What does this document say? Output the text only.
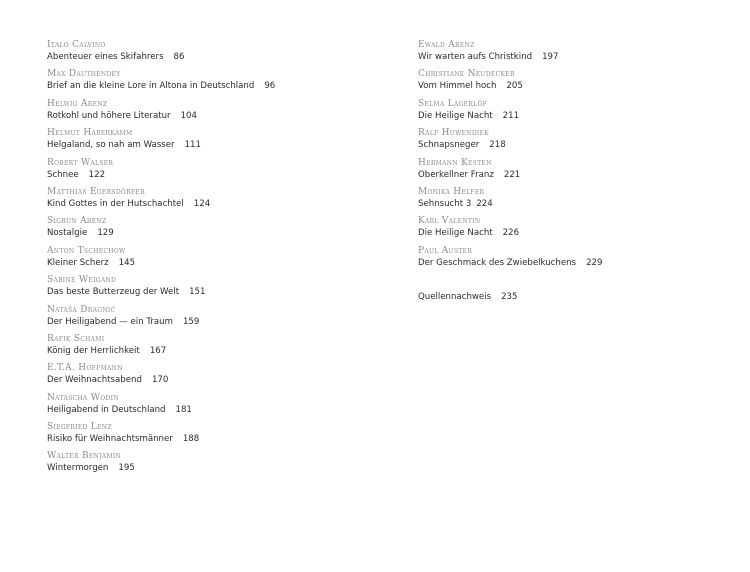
Italo Calvino
Abenteuer eines Skifahrers 86
Max Dauthendey
Brief an die kleine Lore in Altona in Deutschland 96
Helwig Arenz
Rotkohl und höhere Literatur 104
Helmut Haberkamm
Helgaland, so nah am Wasser 111
Robert Walser
Schnee 122
Matthias Egersdörfer
Kind Gottes in der Hutschachtel 124
Sigrun Arenz
Nostalgie 129
Anton Tschechow
Kleiner Scherz 145
Sabine Weigand
Das beste Butterzeug der Welt 151
Nataša Dragnić
Der Heiligabend — ein Traum 159
Rafik Schami
König der Herrlichkeit 167
E.T.A. Hoffmann
Der Weihnachtsabend 170
Natascha Wodin
Heiligabend in Deutschland 181
Siegfried Lenz
Risiko für Weihnachtsmänner 188
Walter Benjamin
Wintermorgen 195
Ewald Arenz
Wir warten aufs Christkind 197
Christiane Neudecker
Vom Himmel hoch 205
Selma Lagerlöf
Die Heilige Nacht 211
Ralf Huwendiek
Schnapsneger 218
Hermann Kesten
Oberkellner Franz 221
Monika Helfer
Sehnsucht 3 224
Karl Valentin
Die Heilige Nacht 226
Paul Auster
Der Geschmack des Zwiebelkuchens 229
Quellennachweis 235
